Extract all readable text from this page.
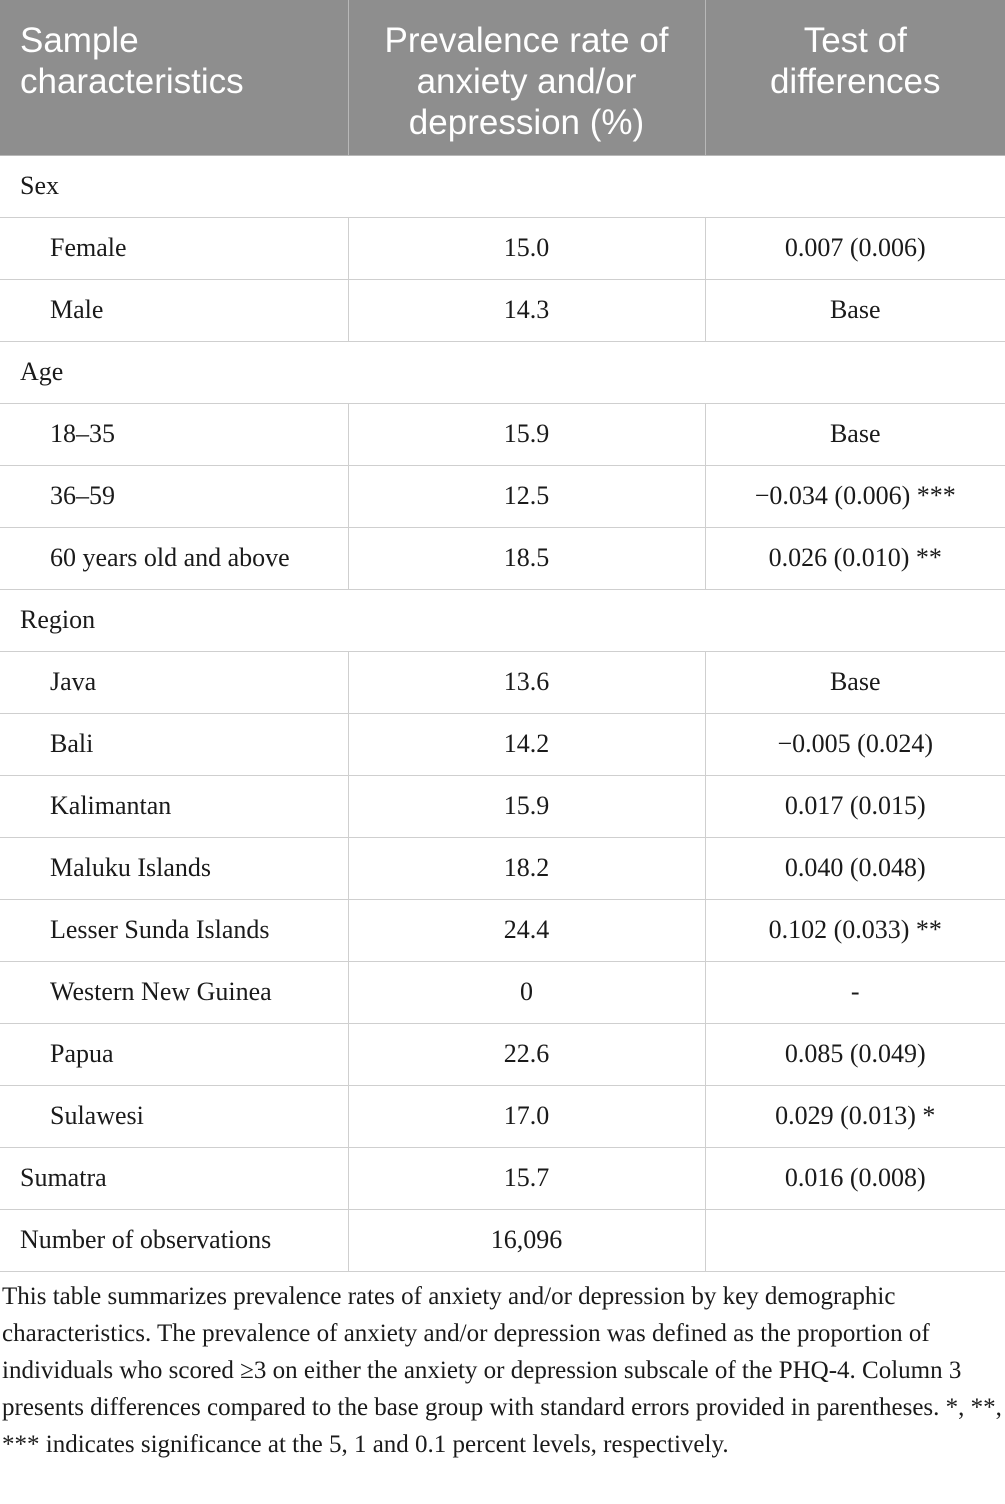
Sample characteristics	Prevalence rate of anxiety and/or depression (%)	Test of differences
Sex		
Female	15.0	0.007 (0.006)
Male	14.3	Base
Age		
18–35	15.9	Base
36–59	12.5	−0.034 (0.006) ***
60 years old and above	18.5	0.026 (0.010) **
Region		
Java	13.6	Base
Bali	14.2	−0.005 (0.024)
Kalimantan	15.9	0.017 (0.015)
Maluku Islands	18.2	0.040 (0.048)
Lesser Sunda Islands	24.4	0.102 (0.033) **
Western New Guinea	0	-
Papua	22.6	0.085 (0.049)
Sulawesi	17.0	0.029 (0.013) *
Sumatra	15.7	0.016 (0.008)
Number of observations	16,096	

This table summarizes prevalence rates of anxiety and/or depression by key demographic characteristics. The prevalence of anxiety and/or depression was defined as the proportion of individuals who scored ≥3 on either the anxiety or depression subscale of the PHQ-4. Column 3 presents differences compared to the base group with standard errors provided in parentheses. *, **, *** indicates significance at the 5, 1 and 0.1 percent levels, respectively.
